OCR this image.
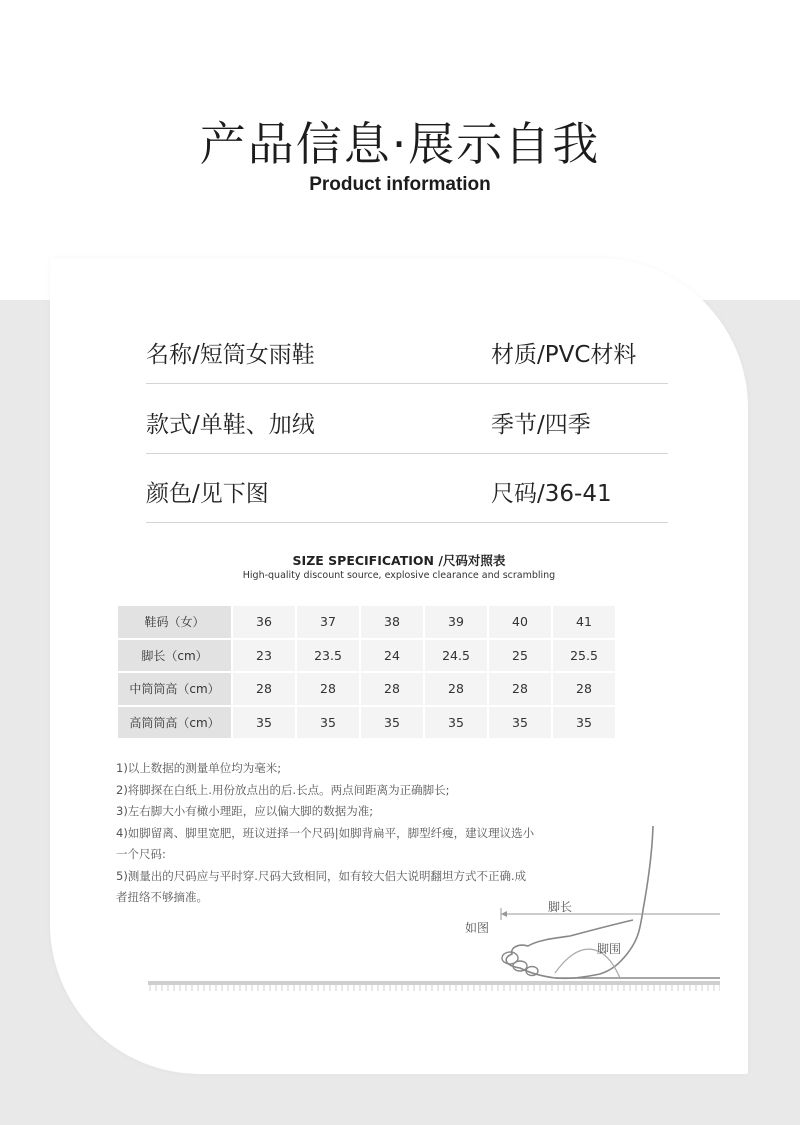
产品信息·展示自我
Product information
名称/短筒女雨鞋	材质/PVC材料
款式/单鞋、加绒	季节/四季
颜色/见下图	尺码/36-41
SIZE SPECIFICATION /尺码对照表
High-quality discount source, explosive clearance and scrambling
鞋码（女）	36	37	38	39	40	41
脚长（cm）	23	23.5	24	24.5	25	25.5
中筒筒高（cm）	28	28	28	28	28	28
高筒筒高（cm）	35	35	35	35	35	35
1)以上数据的测量单位均为毫米;
2)将脚探在白纸上.用份放点出的后.长点。两点间距离为正确脚长;
3)左右脚大小有橄小理距，应以偏大脚的数据为准;
4)如脚留离、脚里宽肥，班议迸择一个尺码|如脚背扁平，脚型纤瘦，建议理议选小一个尺码:
5)测量出的尺码应与平时穿.尺码大致相同，如有较大侣大说明翻坦方式不正确.成者扭络不够摘准。
如图
脚长
脚围
